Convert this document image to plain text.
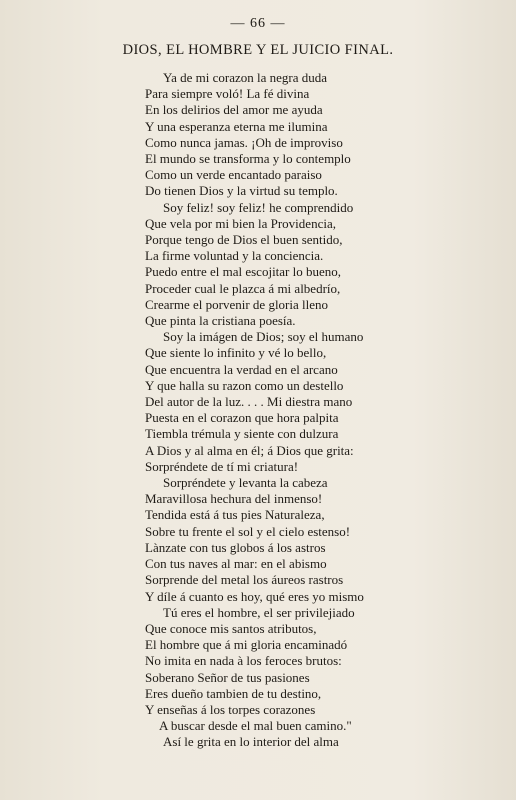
— 66 —
DIOS, EL HOMBRE Y EL JUICIO FINAL.
Ya de mi corazon la negra duda
Para siempre voló! La fé divina
En los delirios del amor me ayuda
Y una esperanza eterna me ilumina
Como nunca jamas. ¡Oh de improviso
El mundo se transforma y lo contemplo
Como un verde encantado paraiso
Do tienen Dios y la virtud su templo.
Soy feliz! soy feliz! he comprendido
Que vela por mi bien la Providencia,
Porque tengo de Dios el buen sentido,
La firme voluntad y la conciencia.
Puedo entre el mal escojitar lo bueno,
Proceder cual le plazca á mi albedrío,
Crearme el porvenir de gloria lleno
Que pinta la cristiana poesía.
Soy la imágen de Dios; soy el humano
Que siente lo infinito y vé lo bello,
Que encuentra la verdad en el arcano
Y que halla su razon como un destello
Del autor de la luz. . . . Mi diestra mano
Puesta en el corazon que hora palpita
Tiembla trémula y siente con dulzura
A Dios y al alma en él; á Dios que grita:
Sorpréndete de tí mi criatura!
Sorpréndete y levanta la cabeza
Maravillosa hechura del inmenso!
Tendida está á tus pies Naturaleza,
Sobre tu frente el sol y el cielo estenso!
Lànzate con tus globos á los astros
Con tus naves al mar: en el abismo
Sorprende del metal los áureos rastros
Y díle á cuanto es hoy, qué eres yo mismo
Tú eres el hombre, el ser privilejiado
Que conoce mis santos atributos,
El hombre que á mi gloria encaminadó
No imita en nada à los feroces brutos:
Soberano Señor de tus pasiones
Eres dueño tambien de tu destino,
Y enseñas á los torpes corazones
A buscar desde el mal buen camino."
Así le grita en lo interior del alma
